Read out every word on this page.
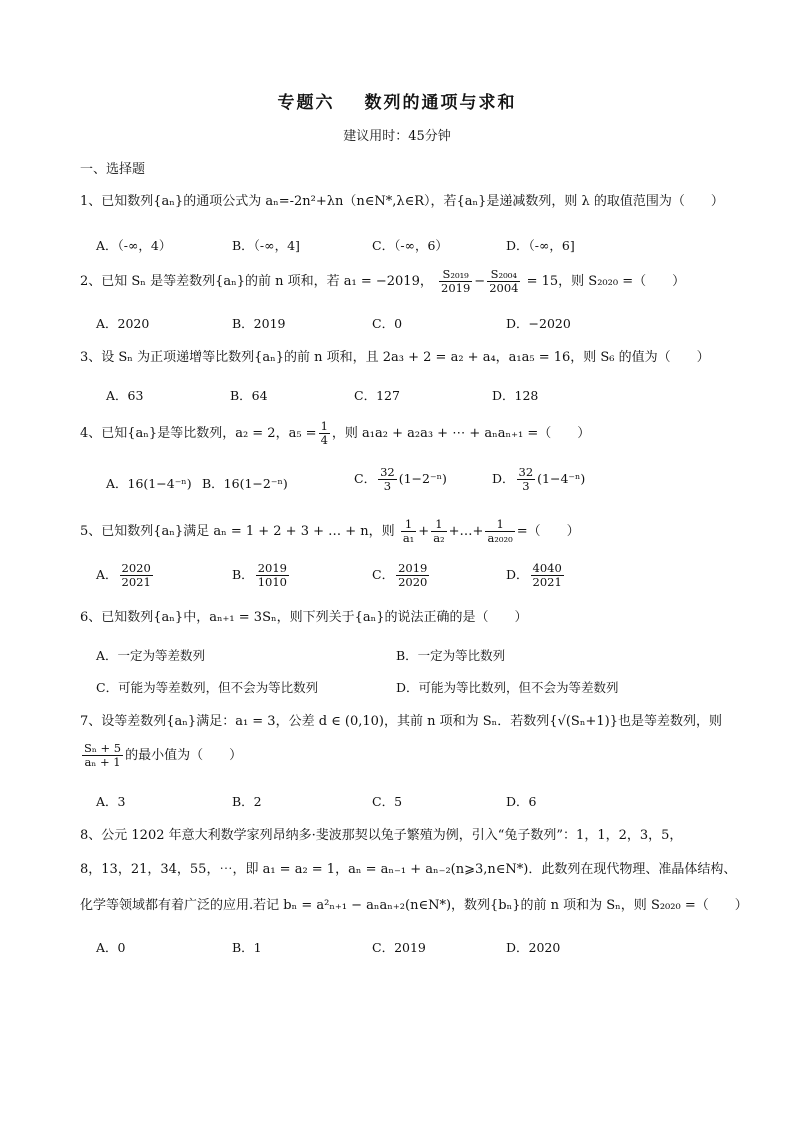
专题六 数列的通项与求和
建议用时：45分钟
一、选择题
1、已知数列{aₙ}的通项公式为 aₙ=-2n²+λn（n∈N*,λ∈R），若{aₙ}是递减数列，则 λ 的取值范围为（　　）
A．（-∞，4）	B．（-∞，4]	C．（-∞，6）	D．（-∞，6]
2、已知 Sₙ 是等差数列{aₙ}的前 n 项和，若 a₁ = −2019， $\frac{\text{S₂₀₁₉}}{2019} - \frac{\text{S₂₀₀₄}}{2004} = 15$，则 S₂₀₂₀ =（　　）
A．2020	B．2019	C．0	D．−2020
3、设 Sₙ 为正项递增等比数列{aₙ}的前 n 项和，且 2a₃ + 2 = a₂ + a₄，a₁a₅ = 16，则 S₆ 的值为（　　）
A．63	B．64	C．127	D．128
4、已知{aₙ}是等比数列，a₂ = 2，$a_5 = \frac{1}{4}$ ，则 a₁a₂ + a₂a₃ + ⋯ + aₙaₙ₊₁ =（　　）
A．16(1−4⁻ⁿ) B．16(1−2⁻ⁿ)	C． $\frac{32}{3} (1-2^{-n})$	D． $\frac{32}{3} (1-4^{-n})$
5、已知数列{aₙ}满足 aₙ = 1 + 2 + 3 + … + n，则 $\frac{1}{\text{a₁}} + \frac{1}{\text{a₂}}$ +…+ $\frac{1}{\text{a₂₀₂₀}}$ =（　　）
A． $\frac{2020}{2021}$	B． $\frac{2019}{1010}$	C． $\frac{2019}{2020}$	D． $\frac{4040}{2021}$
6、已知数列{aₙ}中，aₙ₊₁ = 3Sₙ，则下列关于{aₙ}的说法正确的是（　　）
A．一定为等差数列	B．一定为等比数列
C．可能为等差数列，但不会为等比数列	D．可能为等比数列，但不会为等差数列
7、设等差数列{aₙ}满足：a₁ = 3，公差 d ∈ (0,10)，其前 n 项和为 Sₙ．若数列{√(Sₙ+1)}也是等差数列，则
$\frac{\text{Sₙ + 5}}{\text{aₙ + 1}}$ 的最小值为（　　）
A．3	B．2	C．5	D．6
8、公元 1202 年意大利数学家列昂纳多·斐波那契以兔子繁殖为例，引入“兔子数列”：1，1，2，3，5，
8，13，21，34，55，⋯，即 a₁ = a₂ = 1，aₙ = aₙ₋₁ + aₙ₋₂(n⩾3,n∈N*)．此数列在现代物理、准晶体结构、
化学等领域都有着广泛的应用.若记 bₙ = a²ₙ₊₁ − aₙaₙ₊₂(n∈N*)，数列{bₙ}的前 n 项和为 Sₙ，则 S₂₀₂₀ =（　　）
A．0	B．1	C．2019	D．2020
